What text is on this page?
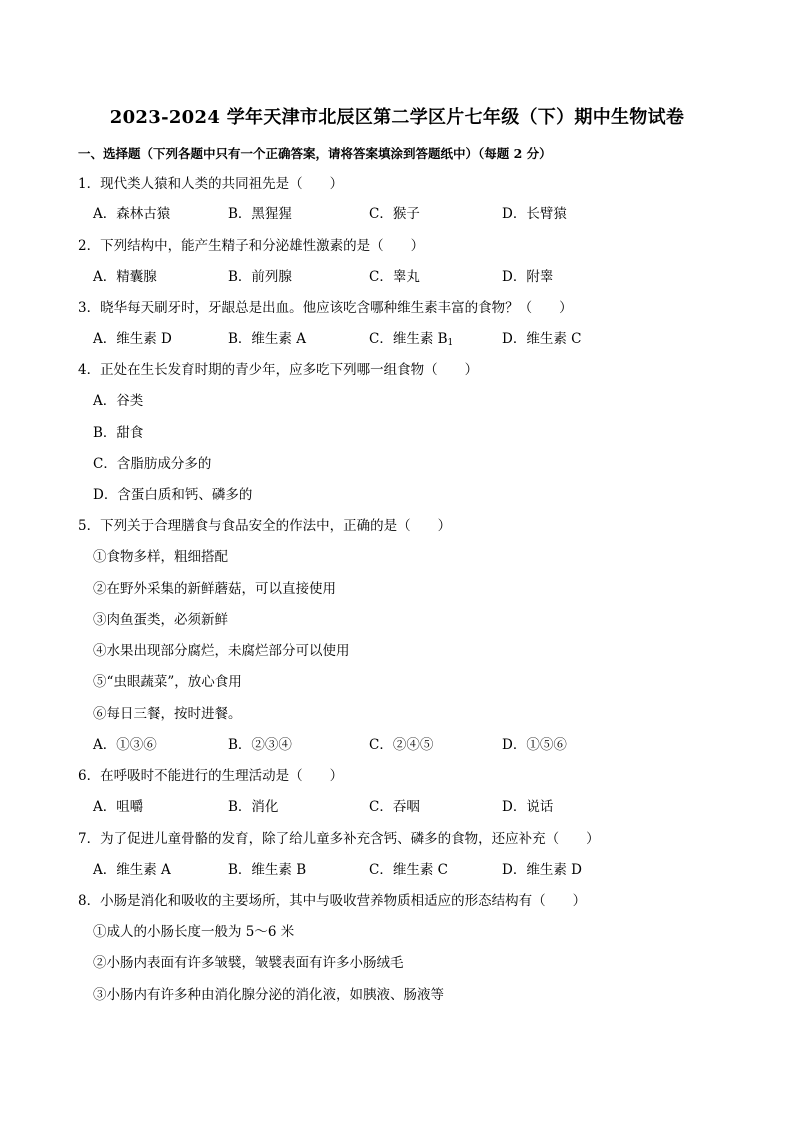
2023-2024 学年天津市北辰区第二学区片七年级（下）期中生物试卷
一、选择题（下列各题中只有一个正确答案，请将答案填涂到答题纸中）（每题 2 分）
1．现代类人猿和人类的共同祖先是（　　）
A．森林古猿	B．黑猩猩	C．猴子	D．长臂猿
2．下列结构中，能产生精子和分泌雄性激素的是（　　）
A．精囊腺	B．前列腺	C．睾丸	D．附睾
3．晓华每天刷牙时，牙龈总是出血。他应该吃含哪种维生素丰富的食物？（　　）
A．维生素 D	B．维生素 A	C．维生素 $B_1$	D．维生素 C
4．正处在生长发育时期的青少年，应多吃下列哪一组食物（　　）
A．谷类
B．甜食
C．含脂肪成分多的
D．含蛋白质和钙、磷多的
5．下列关于合理膳食与食品安全的作法中，正确的是（　　）
①食物多样，粗细搭配
②在野外采集的新鲜蘑菇，可以直接使用
③肉鱼蛋类，必须新鲜
④水果出现部分腐烂，未腐烂部分可以使用
⑤“虫眼蔬菜”，放心食用
⑥每日三餐，按时进餐。
A．①③⑥	B．②③④	C．②④⑤	D．①⑤⑥
6．在呼吸时不能进行的生理活动是（　　）
A．咀嚼	B．消化	C．吞咽	D．说话
7．为了促进儿童骨骼的发育，除了给儿童多补充含钙、磷多的食物，还应补充（　　）
A．维生素 A	B．维生素 B	C．维生素 C	D．维生素 D
8．小肠是消化和吸收的主要场所，其中与吸收营养物质相适应的形态结构有（　　）
①成人的小肠长度一般为 5～6 米
②小肠内表面有许多皱襞，皱襞表面有许多小肠绒毛
③小肠内有许多种由消化腺分泌的消化液，如胰液、肠液等
